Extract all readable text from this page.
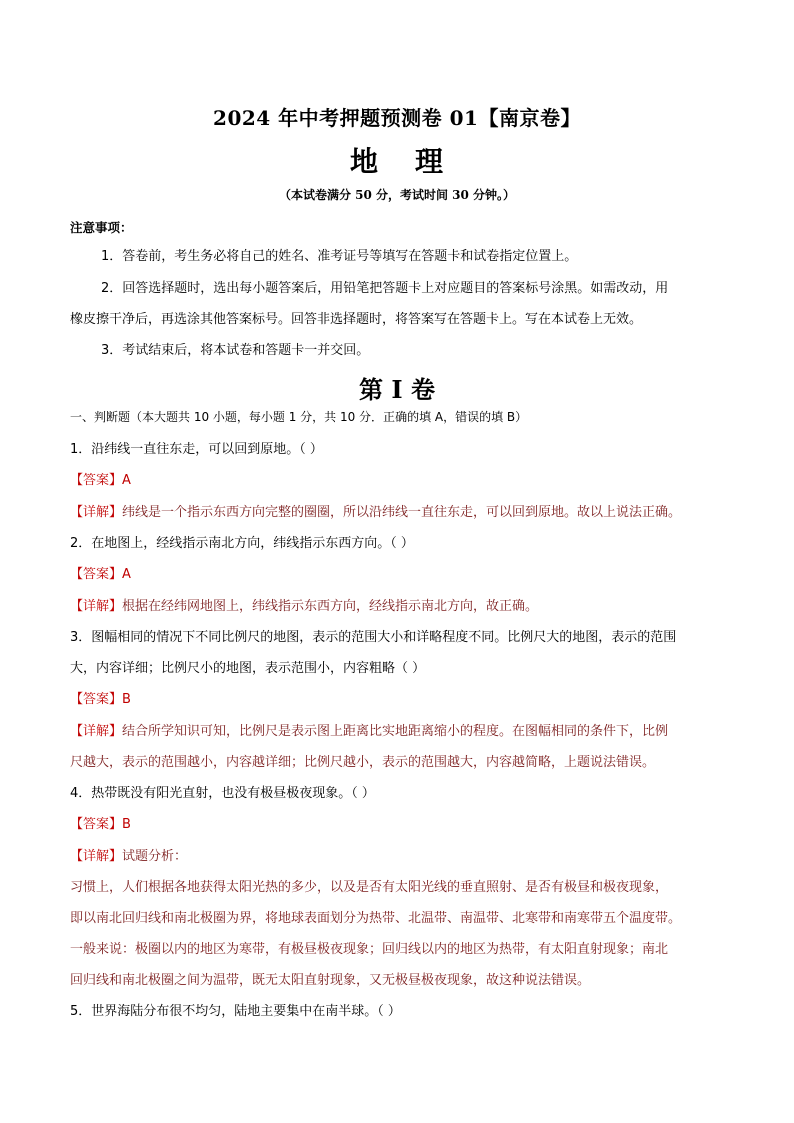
2024 年中考押题预测卷 01【南京卷】
地 理
（本试卷满分 50 分，考试时间 30 分钟。）
注意事项：
1．答卷前，考生务必将自己的姓名、准考证号等填写在答题卡和试卷指定位置上。
2．回答选择题时，选出每小题答案后，用铅笔把答题卡上对应题目的答案标号涂黑。如需改动，用
橡皮擦干净后，再选涂其他答案标号。回答非选择题时，将答案写在答题卡上。写在本试卷上无效。
3．考试结束后，将本试卷和答题卡一并交回。
第 I 卷
一、判断题（本大题共 10 小题，每小题 1 分，共 10 分．正确的填 A，错误的填 B）
1．沿纬线一直往东走，可以回到原地。（ ）
【答案】A
【详解】纬线是一个指示东西方向完整的圈圈，所以沿纬线一直往东走，可以回到原地。故以上说法正确。
2．在地图上，经线指示南北方向，纬线指示东西方向。（ ）
【答案】A
【详解】根据在经纬网地图上，纬线指示东西方向，经线指示南北方向，故正确。
3．图幅相同的情况下不同比例尺的地图，表示的范围大小和详略程度不同。比例尺大的地图，表示的范围
大，内容详细；比例尺小的地图，表示范围小，内容粗略（ ）
【答案】B
【详解】结合所学知识可知，比例尺是表示图上距离比实地距离缩小的程度。在图幅相同的条件下，比例
尺越大，表示的范围越小，内容越详细；比例尺越小，表示的范围越大，内容越简略，上题说法错误。
4．热带既没有阳光直射，也没有极昼极夜现象。（ ）
【答案】B
【详解】试题分析：
习惯上，人们根据各地获得太阳光热的多少，以及是否有太阳光线的垂直照射、是否有极昼和极夜现象，
即以南北回归线和南北极圈为界，将地球表面划分为热带、北温带、南温带、北寒带和南寒带五个温度带。
一般来说：极圈以内的地区为寒带，有极昼极夜现象；回归线以内的地区为热带，有太阳直射现象；南北
回归线和南北极圈之间为温带，既无太阳直射现象，又无极昼极夜现象，故这种说法错误。
5．世界海陆分布很不均匀，陆地主要集中在南半球。（ ）
